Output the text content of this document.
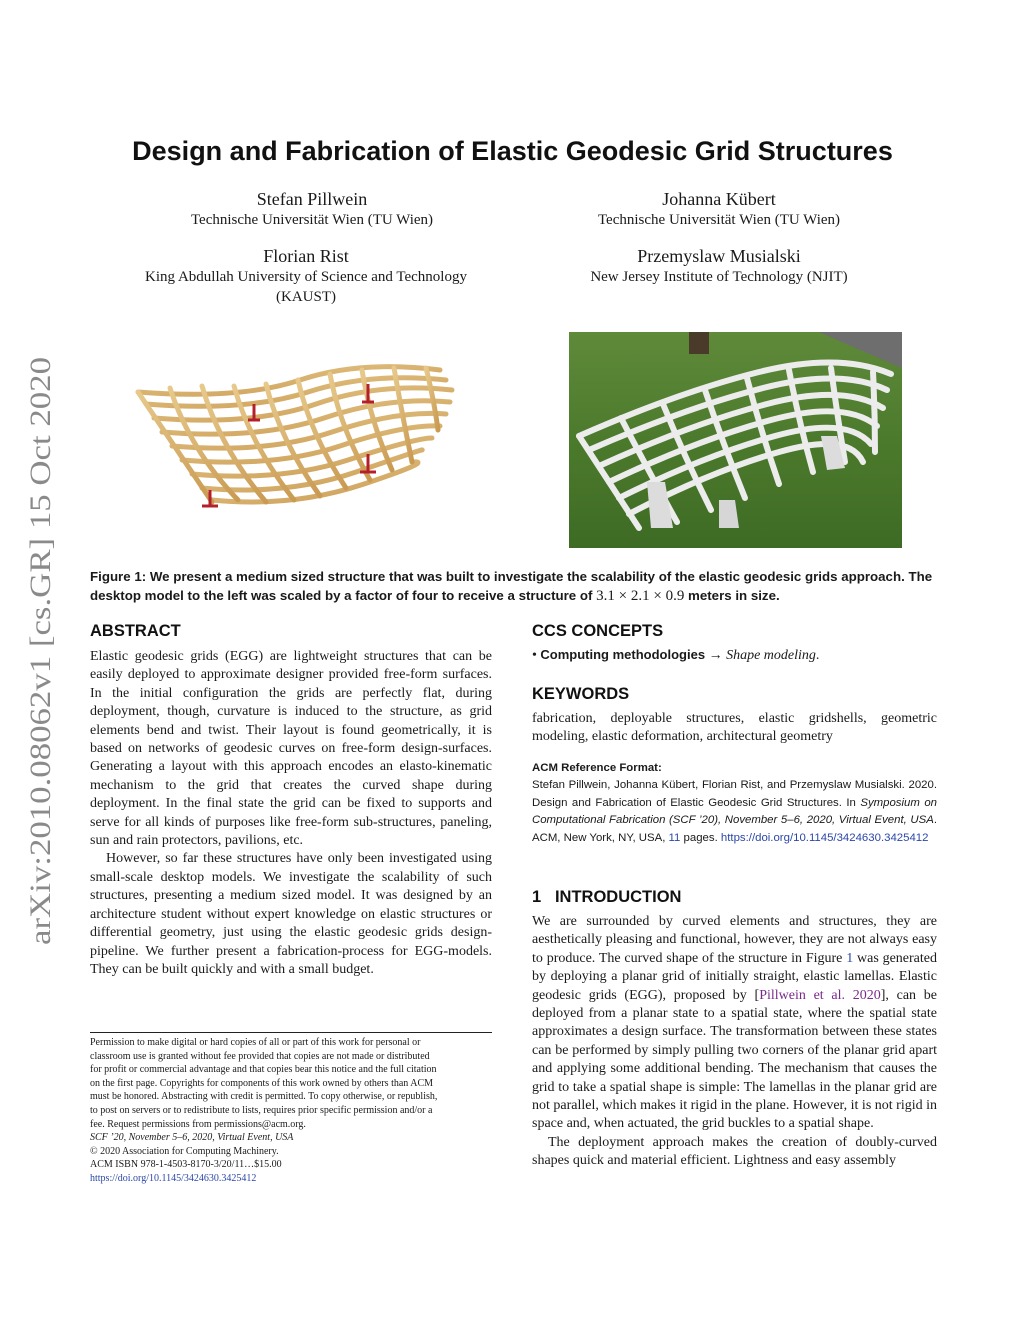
arXiv:2010.08062v1 [cs.GR] 15 Oct 2020
Design and Fabrication of Elastic Geodesic Grid Structures
Stefan Pillwein
Technische Universität Wien (TU Wien)
Johanna Kübert
Technische Universität Wien (TU Wien)
Florian Rist
King Abdullah University of Science and Technology
(KAUST)
Przemyslaw Musialski
New Jersey Institute of Technology (NJIT)
Figure 1: We present a medium sized structure that was built to investigate the scalability of the elastic geodesic grids approach. The desktop model to the left was scaled by a factor of four to receive a structure of 3.1 × 2.1 × 0.9 meters in size.
ABSTRACT

Elastic geodesic grids (EGG) are lightweight structures that can be easily deployed to approximate designer provided free-form surfaces. In the initial configuration the grids are perfectly flat, during deployment, though, curvature is induced to the structure, as grid elements bend and twist. Their layout is found geometrically, it is based on networks of geodesic curves on free-form design-surfaces. Generating a layout with this approach encodes an elasto-kinematic mechanism to the grid that creates the curved shape during deployment. In the final state the grid can be fixed to supports and serve for all kinds of purposes like free-form sub-structures, paneling, sun and rain protectors, pavilions, etc.

However, so far these structures have only been investigated using small-scale desktop models. We investigate the scalability of such structures, presenting a medium sized model. It was designed by an architecture student without expert knowledge on elastic structures or differential geometry, just using the elastic geodesic grids design-pipeline. We further present a fabrication-process for EGG-models. They can be built quickly and with a small budget.

CCS CONCEPTS
• Computing methodologies → Shape modeling.
KEYWORDS

fabrication, deployable structures, elastic gridshells, geometric modeling, elastic deformation, architectural geometry

ACM Reference Format:
Stefan Pillwein, Johanna Kübert, Florian Rist, and Przemyslaw Musialski. 2020. Design and Fabrication of Elastic Geodesic Grid Structures. In Symposium on Computational Fabrication (SCF ’20), November 5–6, 2020, Virtual Event, USA. ACM, New York, NY, USA, 11 pages. https://doi.org/10.1145/3424630.3425412
1 INTRODUCTION

We are surrounded by curved elements and structures, they are aesthetically pleasing and functional, however, they are not always easy to produce. The curved shape of the structure in Figure 1 was generated by deploying a planar grid of initially straight, elastic lamellas. Elastic geodesic grids (EGG), proposed by [Pillwein et al. 2020], can be deployed from a planar state to a spatial state, where the spatial state approximates a design surface. The transformation between these states can be performed by simply pulling two corners of the planar grid apart and applying some additional bending. The mechanism that causes the grid to take a spatial shape is simple: The lamellas in the planar grid are not parallel, which makes it rigid in the plane. However, it is not rigid in space and, when actuated, the grid buckles to a spatial shape.

The deployment approach makes the creation of doubly-curved shapes quick and material efficient. Lightness and easy assembly

Permission to make digital or hard copies of all or part of this work for personal or
classroom use is granted without fee provided that copies are not made or distributed
for profit or commercial advantage and that copies bear this notice and the full citation
on the first page. Copyrights for components of this work owned by others than ACM
must be honored. Abstracting with credit is permitted. To copy otherwise, or republish,
to post on servers or to redistribute to lists, requires prior specific permission and/or a
fee. Request permissions from permissions@acm.org.
SCF ’20, November 5–6, 2020, Virtual Event, USA
© 2020 Association for Computing Machinery.
ACM ISBN 978-1-4503-8170-3/20/11…$15.00
https://doi.org/10.1145/3424630.3425412
